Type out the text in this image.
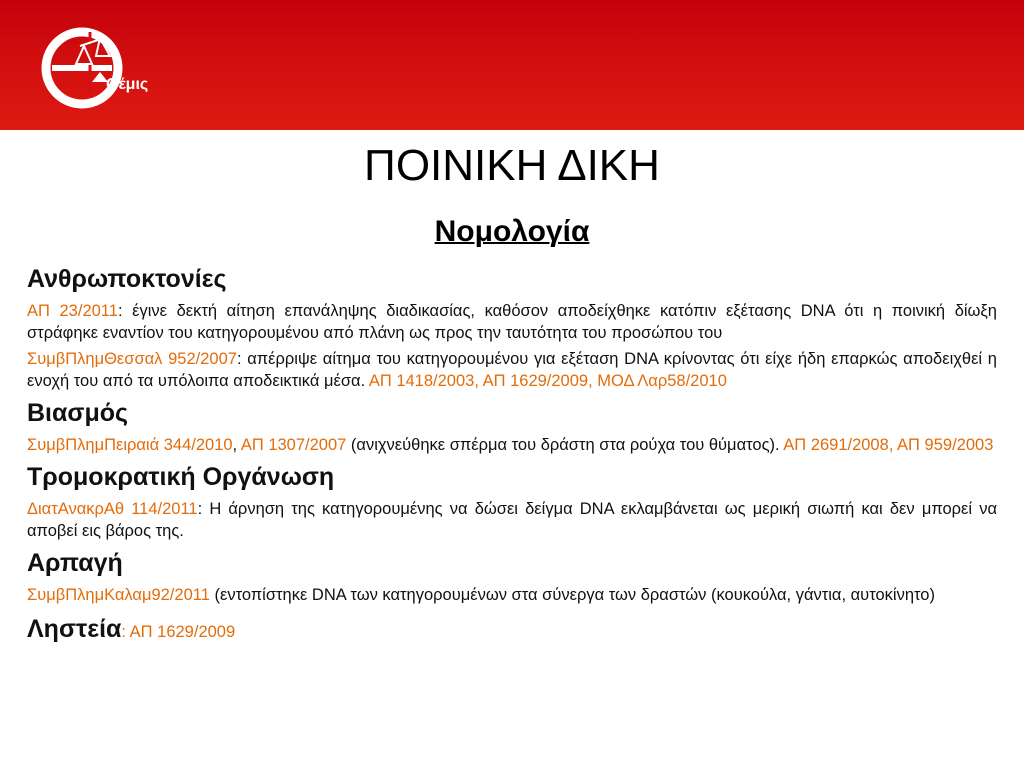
Θέμις
ΠΟΙΝΙΚΗ ΔΙΚΗ
Νομολογία
Ανθρωποκτονίες
ΑΠ 23/2011: έγινε δεκτή αίτηση επανάληψης διαδικασίας, καθόσον αποδείχθηκε κατόπιν εξέτασης DNA ότι η ποινική δίωξη στράφηκε εναντίον του κατηγορουμένου από πλάνη ως προς την ταυτότητα του προσώπου του
ΣυμβΠλημΘεσσαλ 952/2007: απέρριψε αίτημα του κατηγορουμένου για εξέταση DNA κρίνοντας ότι είχε ήδη επαρκώς αποδειχθεί η ενοχή του από τα υπόλοιπα αποδεικτικά μέσα. ΑΠ 1418/2003, ΑΠ 1629/2009, ΜΟΔ Λαρ58/2010
Βιασμός
ΣυμβΠλημΠειραιά 344/2010, ΑΠ 1307/2007 (ανιχνεύθηκε σπέρμα του δράστη στα ρούχα του θύματος). ΑΠ 2691/2008, ΑΠ 959/2003
Τρομοκρατική Οργάνωση
ΔιατΑνακρΑθ 114/2011: Η άρνηση της κατηγορουμένης να δώσει δείγμα DNA εκλαμβάνεται ως μερική σιωπή και δεν μπορεί να αποβεί εις βάρος της.
Αρπαγή
ΣυμβΠλημΚαλαμ92/2011 (εντοπίστηκε DNA των κατηγορουμένων στα σύνεργα των δραστών (κουκούλα, γάντια, αυτοκίνητο)
Ληστεία: ΑΠ 1629/2009
